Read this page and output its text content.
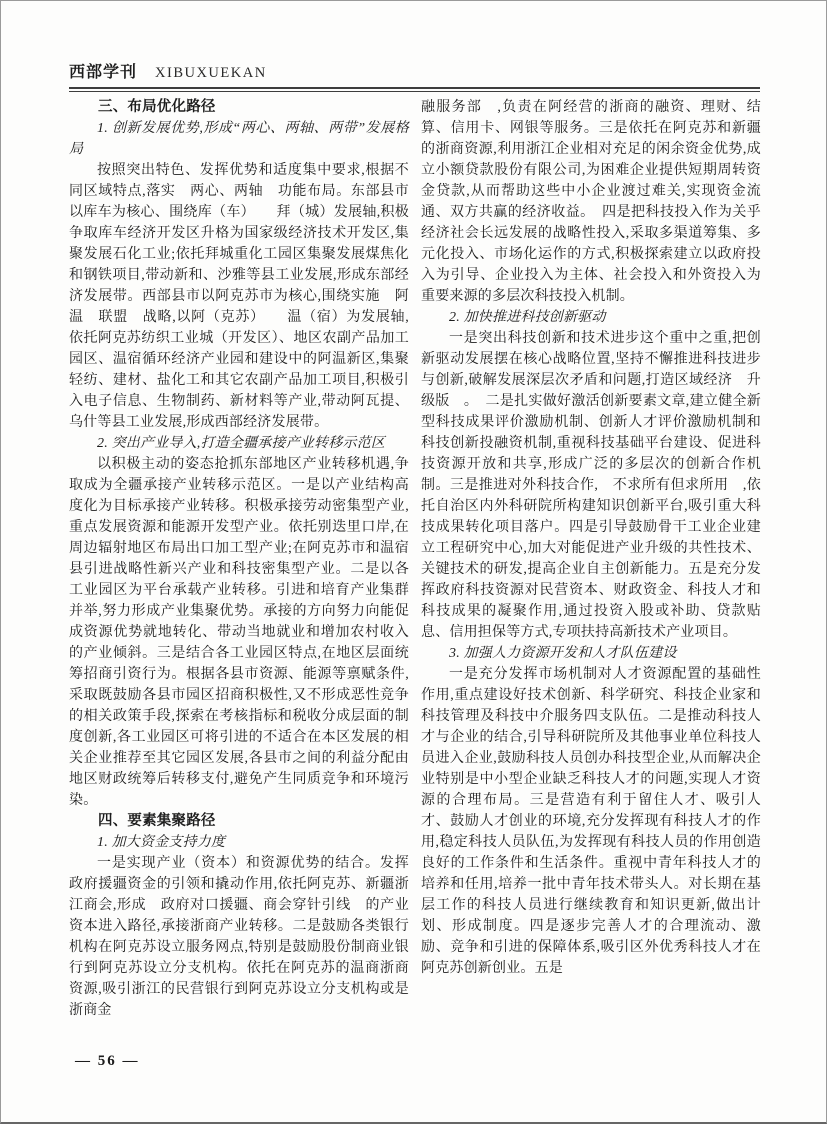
西部学刊 XIBUXUEKAN
三、布局优化路径
1. 创新发展优势,形成“两心、两轴、两带”发展格局
按照突出特色、发挥优势和适度集中要求,根据不同区域特点,落实　两心、两轴　功能布局。东部县市以库车为核心、围绕库（车）　　拜（城）发展轴,积极争取库车经济开发区升格为国家级经济技术开发区,集聚发展石化工业;依托拜城重化工园区集聚发展煤焦化和钢铁项目,带动新和、沙雅等县工业发展,形成东部经济发展带。西部县市以阿克苏市为核心,围绕实施　阿　温　联盟　战略,以阿（克苏）　　温（宿）为发展轴,依托阿克苏纺织工业城（开发区）、地区农副产品加工园区、温宿循环经济产业园和建设中的阿温新区,集聚轻纺、建材、盐化工和其它农副产品加工项目,积极引入电子信息、生物制药、新材料等产业,带动阿瓦提、乌什等县工业发展,形成西部经济发展带。
2. 突出产业导入,打造全疆承接产业转移示范区
以积极主动的姿态抢抓东部地区产业转移机遇,争取成为全疆承接产业转移示范区。一是以产业结构高度化为目标承接产业转移。积极承接劳动密集型产业,重点发展资源和能源开发型产业。依托别迭里口岸,在周边辐射地区布局出口加工型产业;在阿克苏市和温宿县引进战略性新兴产业和科技密集型产业。二是以各工业园区为平台承载产业转移。引进和培育产业集群并举,努力形成产业集聚优势。承接的方向努力向能促成资源优势就地转化、带动当地就业和增加农村收入的产业倾斜。三是结合各工业园区特点,在地区层面统筹招商引资行为。根据各县市资源、能源等禀赋条件,采取既鼓励各县市园区招商积极性,又不形成恶性竞争的相关政策手段,探索在考核指标和税收分成层面的制度创新,各工业园区可将引进的不适合在本区发展的相关企业推荐至其它园区发展,各县市之间的利益分配由地区财政统筹后转移支付,避免产生同质竞争和环境污染。
四、要素集聚路径
1. 加大资金支持力度
一是实现产业（资本）和资源优势的结合。发挥政府援疆资金的引领和撬动作用,依托阿克苏、新疆浙江商会,形成　政府对口援疆、商会穿针引线　的产业资本进入路径,承接浙商产业转移。二是鼓励各类银行机构在阿克苏设立服务网点,特别是鼓励股份制商业银行到阿克苏设立分支机构。依托在阿克苏的温商浙商资源,吸引浙江的民营银行到阿克苏设立分支机构或是　浙商金
融服务部　,负责在阿经营的浙商的融资、理财、结算、信用卡、网银等服务。三是依托在阿克苏和新疆的浙商资源,利用浙江企业相对充足的闲余资金优势,成立小额贷款股份有限公司,为困难企业提供短期周转资金贷款,从而帮助这些中小企业渡过难关,实现资金流通、双方共赢的经济收益。　四是把科技投入作为关乎经济社会长远发展的战略性投入,采取多渠道筹集、多元化投入、市场化运作的方式,积极探索建立以政府投入为引导、企业投入为主体、社会投入和外资投入为重要来源的多层次科技投入机制。
2. 加快推进科技创新驱动
一是突出科技创新和技术进步这个重中之重,把创新驱动发展摆在核心战略位置,坚持不懈推进科技进步与创新,破解发展深层次矛盾和问题,打造区域经济　升级版　。　二是扎实做好激活创新要素文章,建立健全新型科技成果评价激励机制、创新人才评价激励机制和科技创新投融资机制,重视科技基础平台建设、促进科技资源开放和共享,形成广泛的多层次的创新合作机制。三是推进对外科技合作,　不求所有但求所用　,依托自治区内外科研院所构建知识创新平台,吸引重大科技成果转化项目落户。四是引导鼓励骨干工业企业建立工程研究中心,加大对能促进产业升级的共性技术、关键技术的研发,提高企业自主创新能力。五是充分发挥政府科技资源对民营资本、财政资金、科技人才和科技成果的凝聚作用,通过投资入股或补助、贷款贴息、信用担保等方式,专项扶持高新技术产业项目。
3. 加强人力资源开发和人才队伍建设
一是充分发挥市场机制对人才资源配置的基础性作用,重点建设好技术创新、科学研究、科技企业家和科技管理及科技中介服务四支队伍。二是推动科技人才与企业的结合,引导科研院所及其他事业单位科技人员进入企业,鼓励科技人员创办科技型企业,从而解决企业特别是中小型企业缺乏科技人才的问题,实现人才资源的合理布局。三是营造有利于留住人才、吸引人才、鼓励人才创业的环境,充分发挥现有科技人才的作用,稳定科技人员队伍,为发挥现有科技人员的作用创造良好的工作条件和生活条件。重视中青年科技人才的培养和任用,培养一批中青年技术带头人。对长期在基层工作的科技人员进行继续教育和知识更新,做出计划、形成制度。四是逐步完善人才的合理流动、激励、竞争和引进的保障体系,吸引区外优秀科技人才在阿克苏创新创业。五是
— 56 —
